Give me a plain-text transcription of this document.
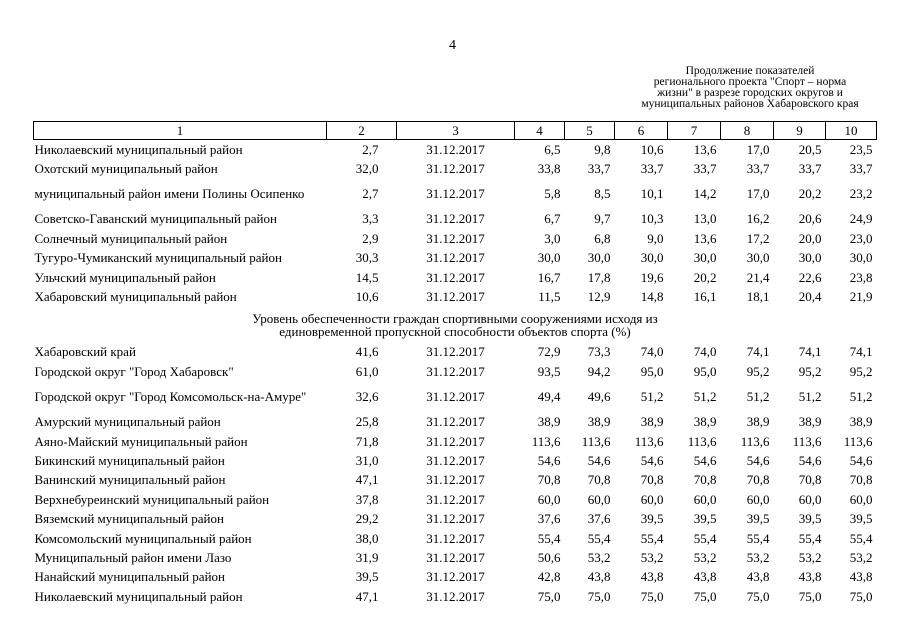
4
Продолжение показателей
регионального проекта "Спорт – норма
жизни" в разрезе городских округов и
муниципальных районов Хабаровского края
1	2	3	4	5	6	7	8	9	10
Николаевский муниципальный район	2,7	31.12.2017	6,5	9,8	10,6	13,6	17,0	20,5	23,5
Охотский муниципальный район	32,0	31.12.2017	33,8	33,7	33,7	33,7	33,7	33,7	33,7
муниципальный район имени Полины Осипенко	2,7	31.12.2017	5,8	8,5	10,1	14,2	17,0	20,2	23,2
Советско-Гаванский муниципальный район	3,3	31.12.2017	6,7	9,7	10,3	13,0	16,2	20,6	24,9
Солнечный муниципальный район	2,9	31.12.2017	3,0	6,8	9,0	13,6	17,2	20,0	23,0
Тугуро-Чумиканский муниципальный район	30,3	31.12.2017	30,0	30,0	30,0	30,0	30,0	30,0	30,0
Ульчский муниципальный район	14,5	31.12.2017	16,7	17,8	19,6	20,2	21,4	22,6	23,8
Хабаровский муниципальный район	10,6	31.12.2017	11,5	12,9	14,8	16,1	18,1	20,4	21,9
Уровень обеспеченности граждан спортивными сооружениями исходя из единовременной пропускной способности объектов спорта (%)									
Хабаровский край	41,6	31.12.2017	72,9	73,3	74,0	74,0	74,1	74,1	74,1
Городской округ "Город Хабаровск"	61,0	31.12.2017	93,5	94,2	95,0	95,0	95,2	95,2	95,2
Городской округ "Город Комсомольск-на-Амуре"	32,6	31.12.2017	49,4	49,6	51,2	51,2	51,2	51,2	51,2
Амурский муниципальный район	25,8	31.12.2017	38,9	38,9	38,9	38,9	38,9	38,9	38,9
Аяно-Майский муниципальный район	71,8	31.12.2017	113,6	113,6	113,6	113,6	113,6	113,6	113,6
Бикинский муниципальный район	31,0	31.12.2017	54,6	54,6	54,6	54,6	54,6	54,6	54,6
Ванинский муниципальный район	47,1	31.12.2017	70,8	70,8	70,8	70,8	70,8	70,8	70,8
Верхнебуреинский муниципальный район	37,8	31.12.2017	60,0	60,0	60,0	60,0	60,0	60,0	60,0
Вяземский муниципальный район	29,2	31.12.2017	37,6	37,6	39,5	39,5	39,5	39,5	39,5
Комсомольский муниципальный район	38,0	31.12.2017	55,4	55,4	55,4	55,4	55,4	55,4	55,4
Муниципальный район имени Лазо	31,9	31.12.2017	50,6	53,2	53,2	53,2	53,2	53,2	53,2
Нанайский муниципальный район	39,5	31.12.2017	42,8	43,8	43,8	43,8	43,8	43,8	43,8
Николаевский муниципальный район	47,1	31.12.2017	75,0	75,0	75,0	75,0	75,0	75,0	75,0
